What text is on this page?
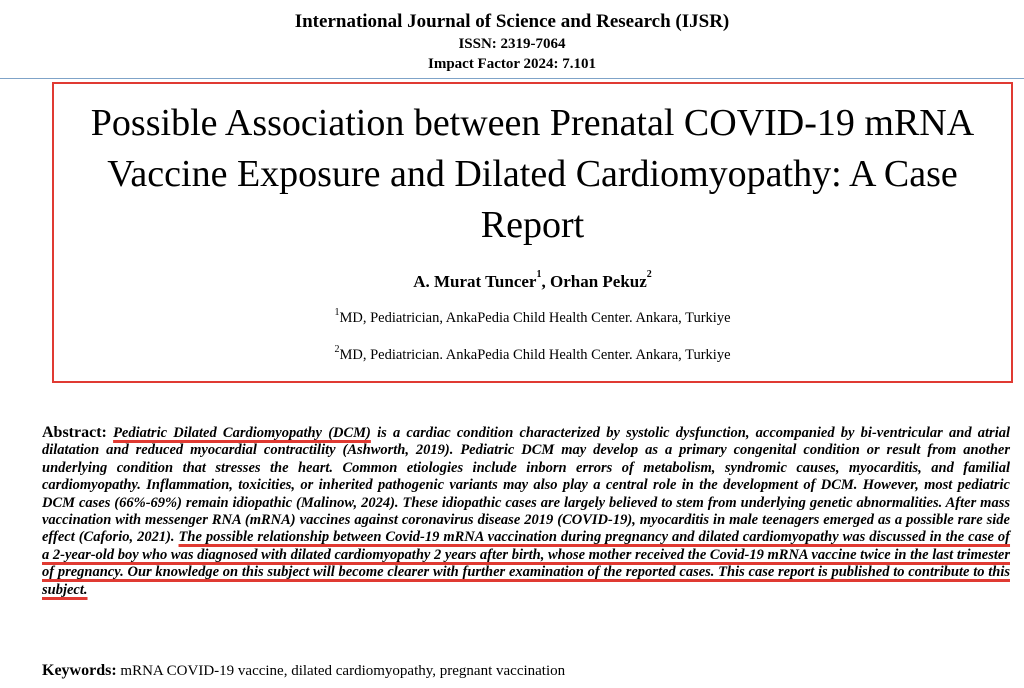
International Journal of Science and Research (IJSR)
ISSN: 2319-7064
Impact Factor 2024: 7.101
Possible Association between Prenatal COVID-19 mRNA Vaccine Exposure and Dilated Cardiomyopathy: A Case Report
A. Murat Tuncer$^1$, Orhan Pekuz$^2$
$^1$MD, Pediatrician, AnkaPedia Child Health Center. Ankara, Turkiye
$^2$MD, Pediatrician. AnkaPedia Child Health Center. Ankara, Turkiye
Abstract: Pediatric Dilated Cardiomyopathy (DCM) is a cardiac condition characterized by systolic dysfunction, accompanied by bi-ventricular and atrial dilatation and reduced myocardial contractility (Ashworth, 2019). Pediatric DCM may develop as a primary congenital condition or result from another underlying condition that stresses the heart. Common etiologies include inborn errors of metabolism, syndromic causes, myocarditis, and familial cardiomyopathy. Inflammation, toxicities, or inherited pathogenic variants may also play a central role in the development of DCM. However, most pediatric DCM cases (66%-69%) remain idiopathic (Malinow, 2024). These idiopathic cases are largely believed to stem from underlying genetic abnormalities. After mass vaccination with messenger RNA (mRNA) vaccines against coronavirus disease 2019 (COVID-19), myocarditis in male teenagers emerged as a possible rare side effect (Caforio, 2021). The possible relationship between Covid-19 mRNA vaccination during pregnancy and dilated cardiomyopathy was discussed in the case of a 2-year-old boy who was diagnosed with dilated cardiomyopathy 2 years after birth, whose mother received the Covid-19 mRNA vaccine twice in the last trimester of pregnancy. Our knowledge on this subject will become clearer with further examination of the reported cases. This case report is published to contribute to this subject.
Keywords: mRNA COVID-19 vaccine, dilated cardiomyopathy, pregnant vaccination
